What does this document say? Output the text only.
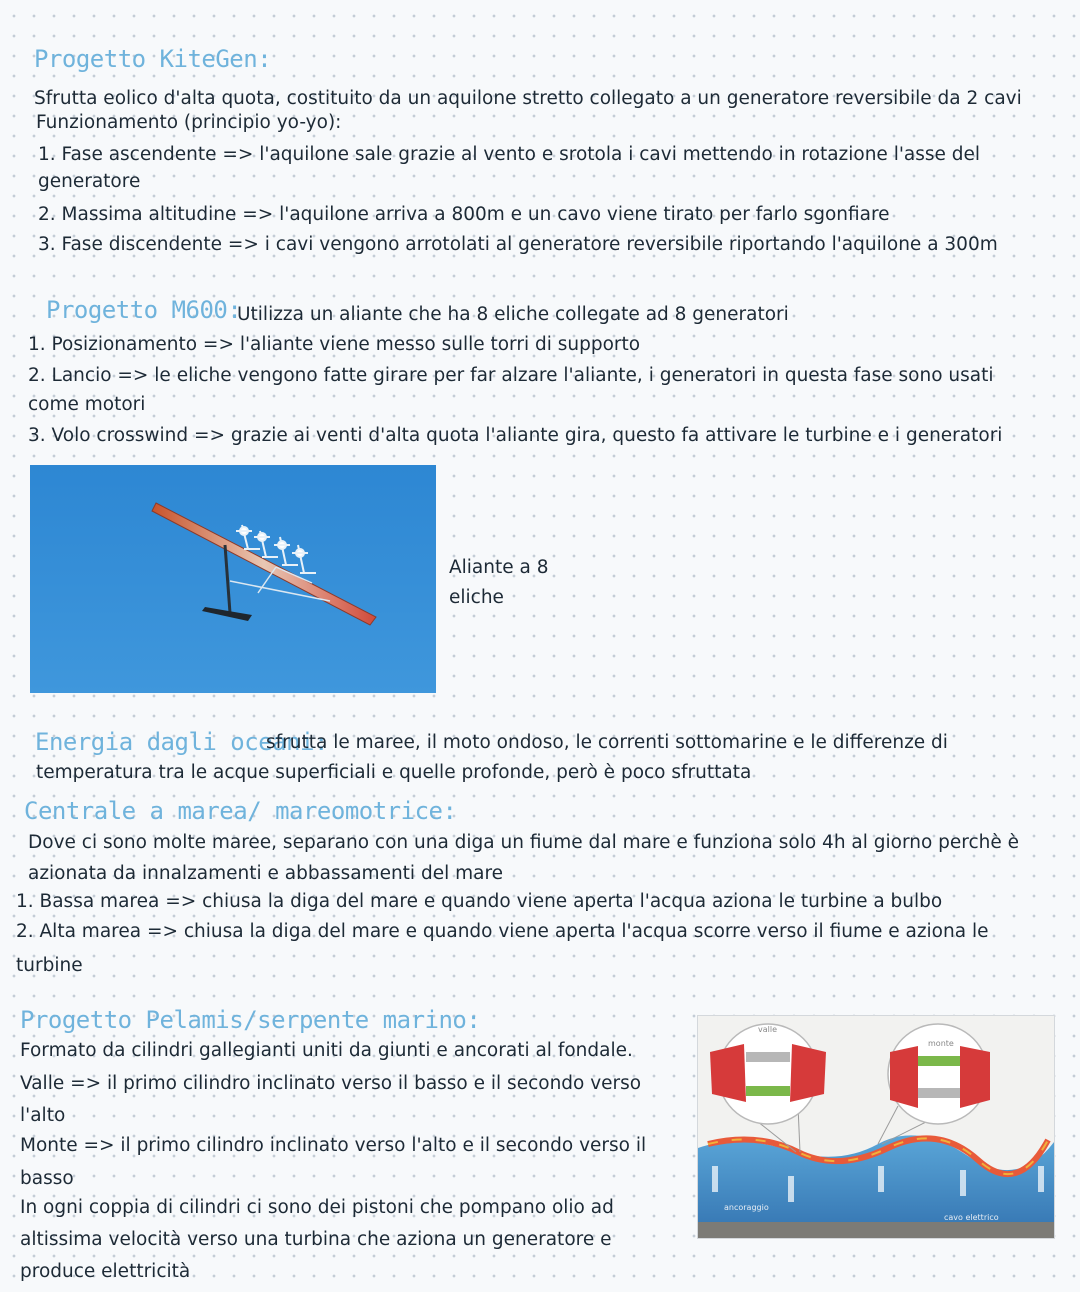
Progetto KiteGen:
Sfrutta eolico d'alta quota, costituito da un aquilone stretto collegato a un generatore reversibile da 2 cavi
Funzionamento (principio yo-yo):
1. Fase ascendente => l'aquilone sale grazie al vento e srotola i cavi mettendo in rotazione l'asse del
generatore
2. Massima altitudine => l'aquilone arriva a 800m e un cavo viene tirato per farlo sgonfiare
3. Fase discendente => i cavi vengono arrotolati al generatore reversibile riportando l'aquilone a 300m
Progetto M600:
Utilizza un aliante che ha 8 eliche collegate ad 8 generatori
1. Posizionamento => l'aliante viene messo sulle torri di supporto
2. Lancio => le eliche vengono fatte girare per far alzare l'aliante, i generatori in questa fase sono usati
come motori
3. Volo crosswind => grazie ai venti d'alta quota l'aliante gira, questo fa attivare le turbine e i generatori
Aliante a 8
eliche
Energia dagli oceani:
sfrutta le maree, il moto ondoso, le correnti sottomarine e le differenze di
temperatura tra le acque superficiali e quelle profonde, però è poco sfruttata
Centrale a marea/ mareomotrice:
Dove ci sono molte maree, separano con una diga un fiume dal mare e funziona solo 4h al giorno perchè è
azionata da innalzamenti e abbassamenti del mare
1. Bassa marea => chiusa la diga del mare e quando viene aperta l'acqua aziona le turbine a bulbo
2. Alta marea => chiusa la diga del mare e quando viene aperta l'acqua scorre verso il fiume e aziona le
turbine
Progetto Pelamis/serpente marino:
Formato da cilindri gallegianti uniti da giunti e ancorati al fondale.
Valle => il primo cilindro inclinato verso il basso e il secondo verso
l'alto
Monte => il primo cilindro inclinato verso l'alto e il secondo verso il
basso
In ogni coppia di cilindri ci sono dei pistoni che pompano olio ad
altissima velocità verso una turbina che aziona un generatore e
produce elettricità
valle
monte
ancoraggio
cavo elettrico
